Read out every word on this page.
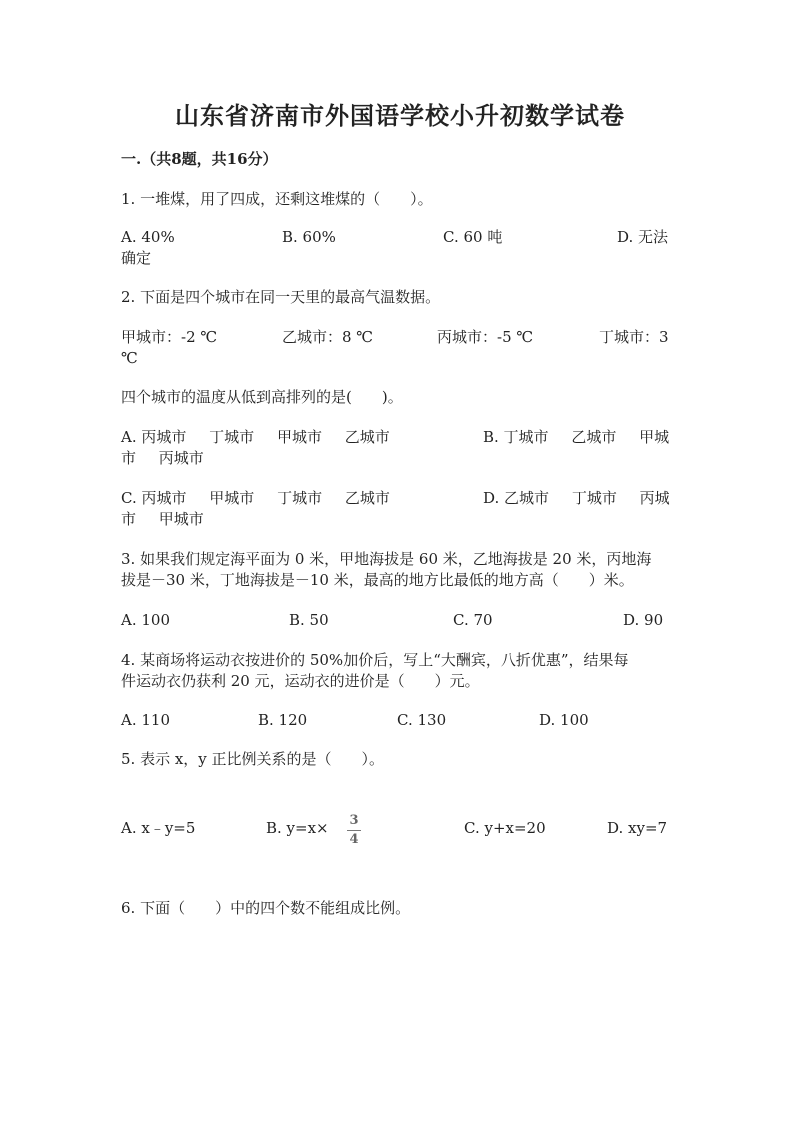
山东省济南市外国语学校小升初数学试卷
一.（共8题，共16分）
1. 一堆煤，用了四成，还剩这堆煤的（　　）。
A. 40%	B. 60%	C. 60 吨	D. 无法
确定
2. 下面是四个城市在同一天里的最高气温数据。
甲城市：-2 ℃	乙城市：8 ℃	丙城市：-5 ℃	丁城市：3
℃
四个城市的温度从低到高排列的是(　　)。
A. 丙城市 丁城市 甲城市 乙城市	B. 丁城市 乙城市 甲城
市 丙城市
C. 丙城市 甲城市 丁城市 乙城市	D. 乙城市 丁城市 丙城
市 甲城市
3. 如果我们规定海平面为 0 米，甲地海拔是 60 米，乙地海拔是 20 米，丙地海
拔是－30 米，丁地海拔是－10 米，最高的地方比最低的地方高（　　）米。
A. 100	B. 50	C. 70	D. 90
4. 某商场将运动衣按进价的 50%加价后，写上“大酬宾，八折优惠”，结果每
件运动衣仍获利 20 元，运动衣的进价是（　　）元。
A. 110	B. 120	C. 130	D. 100
5. 表示 x，y 正比例关系的是（　　）。
A. x﹣y=5	B. y=x× 3
4
C. y+x=20	D. xy=7
6. 下面（　　）中的四个数不能组成比例。
